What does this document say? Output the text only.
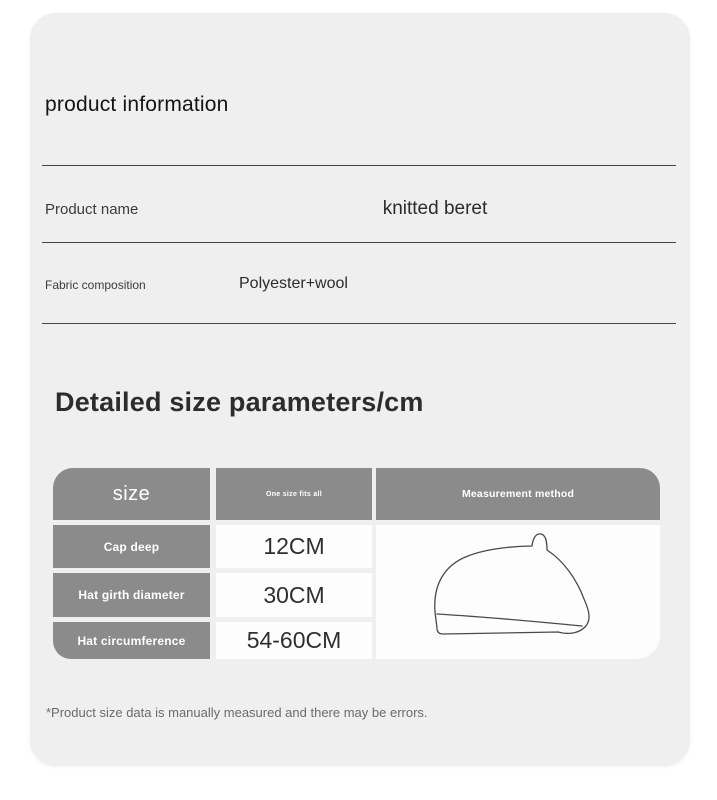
product information
Product name	knitted beret
Fabric composition	Polyester+wool
Detailed size parameters/cm
size	One size fits all	Measurement method
Cap deep	12CM
Hat girth diameter	30CM
Hat circumference	54-60CM
*Product size data is manually measured and there may be errors.
